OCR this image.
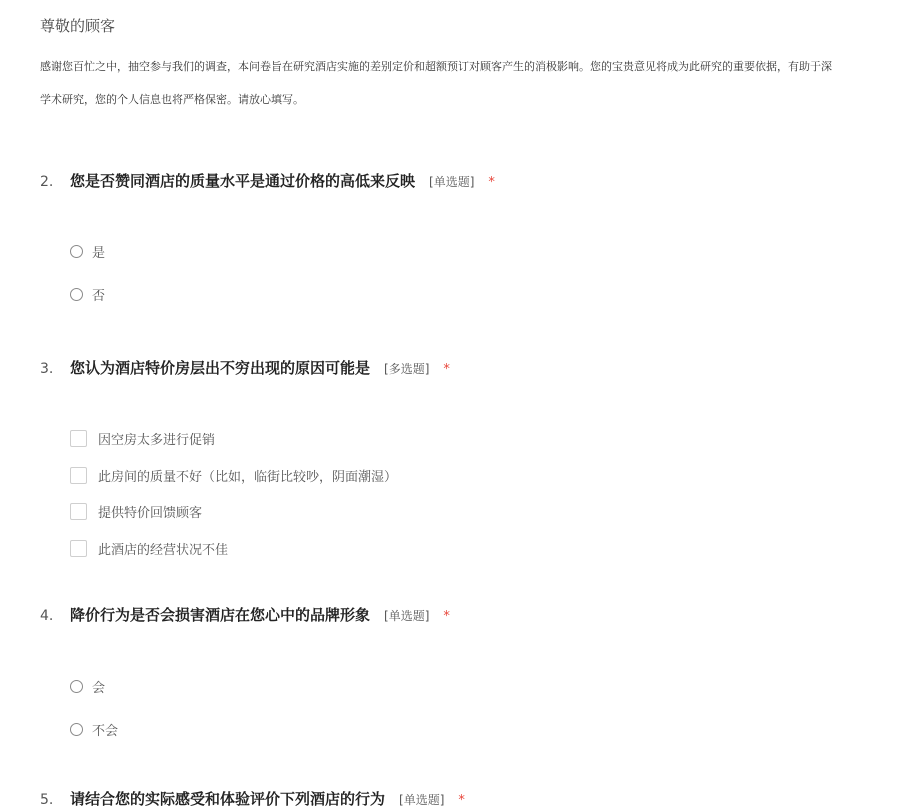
尊敬的顾客
感谢您百忙之中，抽空参与我们的调查，本问卷旨在研究酒店实施的差别定价和超额预订对顾客产生的消极影响。您的宝贵意见将成为此研究的重要依据，有助于深
学术研究，您的个人信息也将严格保密。请放心填写。
2.	您是否赞同酒店的质量水平是通过价格的高低来反映 [单选题] *
是
否
3.	您认为酒店特价房层出不穷出现的原因可能是 [多选题] *
因空房太多进行促销
此房间的质量不好（比如，临街比较吵，阴面潮湿）
提供特价回馈顾客
此酒店的经营状况不佳
4.	降价行为是否会损害酒店在您心中的品牌形象 [单选题] *
会
不会
5.	请结合您的实际感受和体验评价下列酒店的行为 [单选题] *
